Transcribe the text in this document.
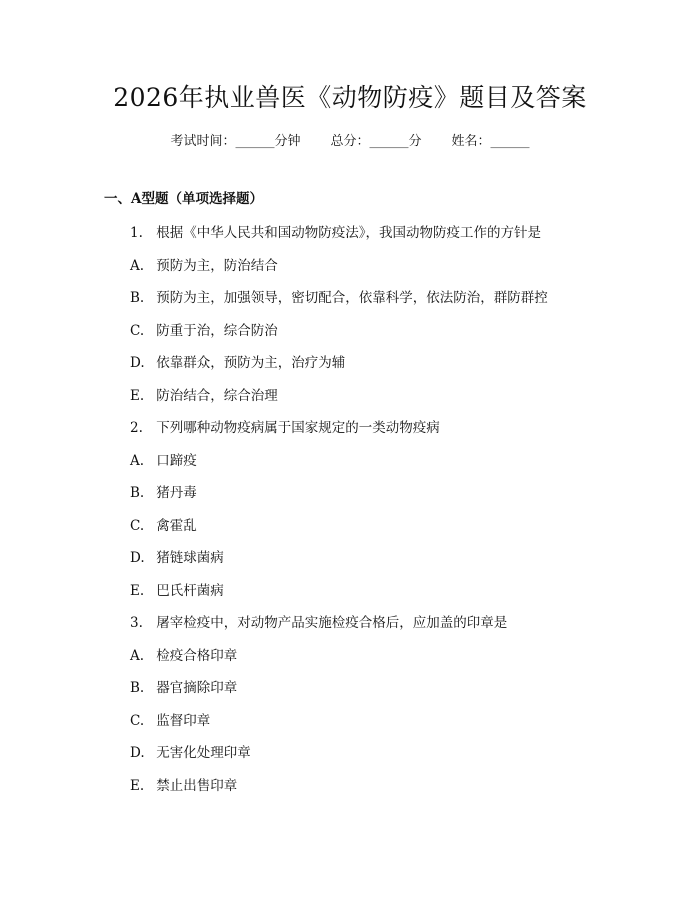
2026年执业兽医《动物防疫》题目及答案
考试时间：______分钟 总分：______分 姓名：______
一、A型题（单项选择题）
1. 根据《中华人民共和国动物防疫法》，我国动物防疫工作的方针是
A. 预防为主，防治结合
B. 预防为主，加强领导，密切配合，依靠科学，依法防治，群防群控
C. 防重于治，综合防治
D. 依靠群众，预防为主，治疗为辅
E. 防治结合，综合治理
2. 下列哪种动物疫病属于国家规定的一类动物疫病
A. 口蹄疫
B. 猪丹毒
C. 禽霍乱
D. 猪链球菌病
E. 巴氏杆菌病
3. 屠宰检疫中，对动物产品实施检疫合格后，应加盖的印章是
A. 检疫合格印章
B. 器官摘除印章
C. 监督印章
D. 无害化处理印章
E. 禁止出售印章
